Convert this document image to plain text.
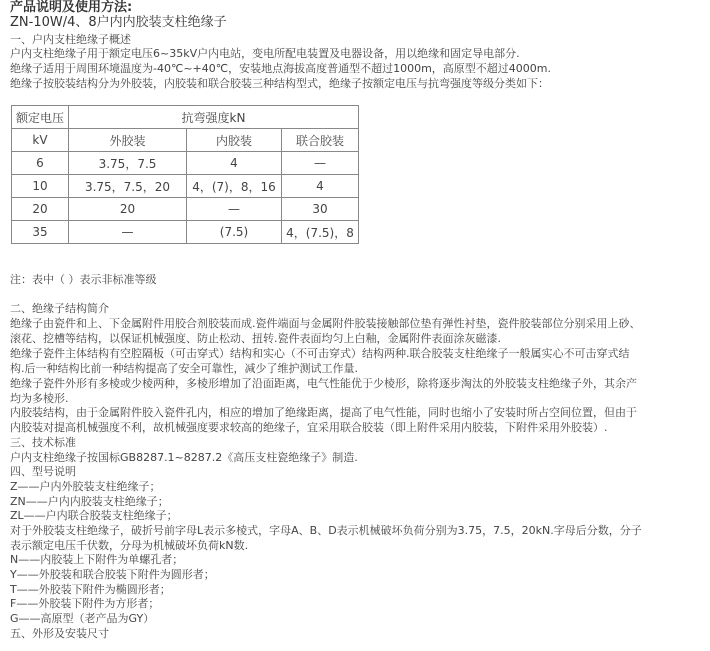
产品说明及使用方法:
ZN-10W/4、8户内内胶装支柱绝缘子
一、户内支柱绝缘子概述
户内支柱绝缘子用于额定电压6~35kV户内电站，变电所配电装置及电器设备，用以绝缘和固定导电部分.
绝缘子适用于周围环境温度为-40℃~+40℃，安装地点海拔高度普通型不超过1000m，高原型不超过4000m.
绝缘子按胶装结构分为外胶装，内胶装和联合胶装三种结构型式，绝缘子按额定电压与抗弯强度等级分类如下：
额定电压	抗弯强度kN		
kV	外胶装	内胶装	联合胶装
6	3.75，7.5	4	—
10	3.75，7.5，20	4，(7)，8，16	4
20	20	—	30
35	—	(7.5)	4，(7.5)，8
注：表中（ ）表示非标准等级
二、绝缘子结构简介
绝缘子由瓷件和上、下金属附件用胶合剂胶装而成.瓷件端面与金属附件胶装接触部位垫有弹性衬垫，瓷件胶装部位分别采用上砂、
滚花、挖槽等结构，以保证机械强度、防止松动、扭转.瓷件表面均匀上白釉，金属附件表面涂灰磁漆.
绝缘子瓷件主体结构有空腔隔板（可击穿式）结构和实心（不可击穿式）结构两种.联合胶装支柱绝缘子一般属实心不可击穿式结
构.后一种结构比前一种结构提高了安全可靠性，减少了维护测试工作量.
绝缘子瓷件外形有多棱或少棱两种，多棱形增加了沿面距离，电气性能优于少棱形，除将逐步淘汰的外胶装支柱绝缘子外，其余产
均为多棱形.
内胶装结构，由于金属附件胶入瓷件孔内，相应的增加了绝缘距离，提高了电气性能，同时也缩小了安装时所占空间位置，但由于
内胶装对提高机械强度不利，故机械强度要求较高的绝缘子，宜采用联合胶装（即上附件采用内胶装，下附件采用外胶装）.
三、技术标准
户内支柱绝缘子按国标GB8287.1~8287.2《高压支柱瓷绝缘子》制造.
四、型号说明
Z——户内外胶装支柱绝缘子；
ZN——户内内胶装支柱绝缘子；
ZL——户内联合胶装支柱绝缘子；
对于外胶装支柱绝缘子，破折号前字母L表示多棱式，字母A、B、D表示机械破坏负荷分别为3.75，7.5，20kN.字母后分数，分子
表示额定电压千伏数，分母为机械破坏负荷kN数.
N——内胶装上下附件为单螺孔者；
Y——外胶装和联合胶装下附件为圆形者；
T——外胶装下附件为椭圆形者；
F——外胶装下附件为方形者；
G——高原型（老产品为GY）
五、外形及安装尺寸
